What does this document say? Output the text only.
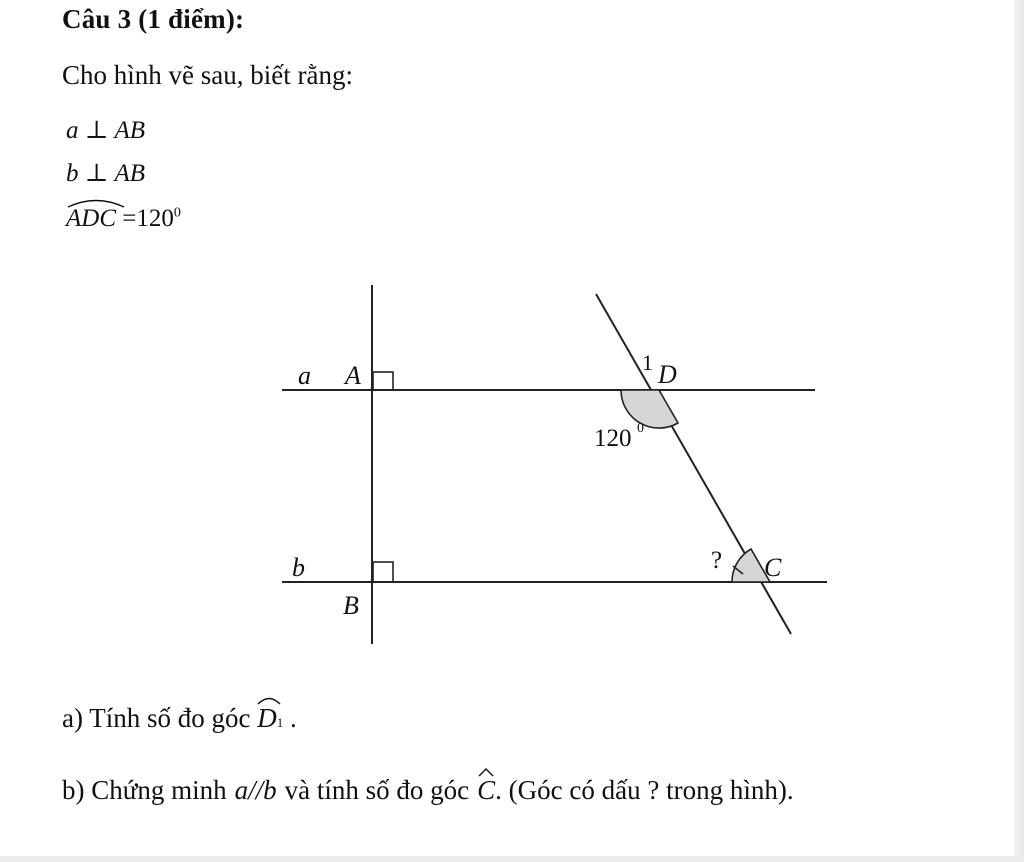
Câu 3 (1 điểm):
Cho hình vẽ sau, biết rằng:
a ⊥ AB
b ⊥ AB
ADC $=120^0$
a A
b
B
1 D
120 0
? C
a) Tính số đo góc D1 .
b) Chứng minh a//b và tính số đo góc C. (Góc có dấu ? trong hình).
